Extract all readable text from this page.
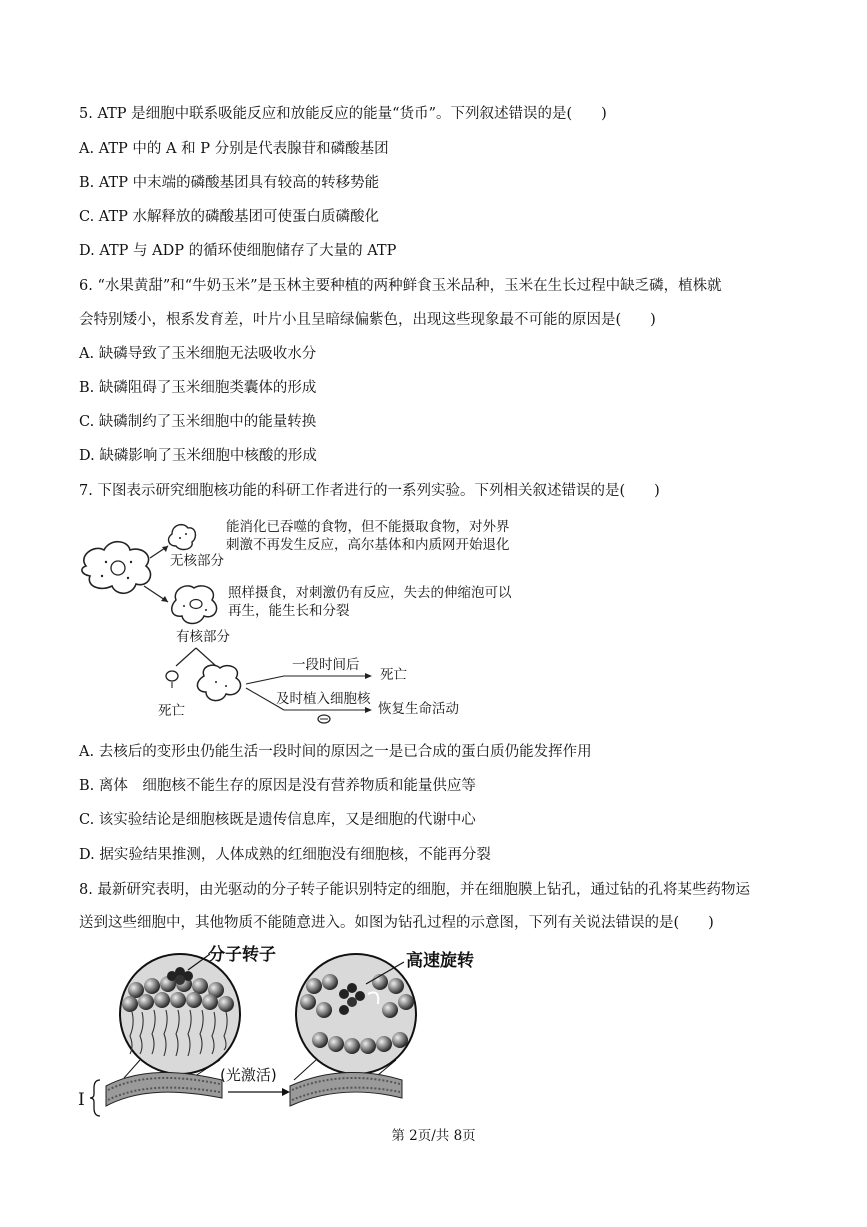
5. ATP 是细胞中联系吸能反应和放能反应的能量“货币”。下列叙述错误的是(　　)
A. ATP 中的 A 和 P 分别是代表腺苷和磷酸基团
B. ATP 中末端的磷酸基团具有较高的转移势能
C. ATP 水解释放的磷酸基团可使蛋白质磷酸化
D. ATP 与 ADP 的循环使细胞储存了大量的 ATP
6. “水果黄甜”和“牛奶玉米”是玉林主要种植的两种鲜食玉米品种，玉米在生长过程中缺乏磷，植株就
会特别矮小，根系发育差，叶片小且呈暗绿偏紫色，出现这些现象最不可能的原因是(　　)
A. 缺磷导致了玉米细胞无法吸收水分
B. 缺磷阻碍了玉米细胞类囊体的形成
C. 缺磷制约了玉米细胞中的能量转换
D. 缺磷影响了玉米细胞中核酸的形成
7. 下图表示研究细胞核功能的科研工作者进行的一系列实验。下列相关叙述错误的是(　　)
能消化已吞噬的食物，但不能摄取食物，对外界
刺激不再发生反应，高尔基体和内质网开始退化
无核部分
照样摄食，对刺激仍有反应，失去的伸缩泡可以
再生，能生长和分裂
有核部分
一段时间后
死亡
及时植入细胞核
恢复生命活动
死亡
A. 去核后的变形虫仍能生活一段时间的原因之一是已合成的蛋白质仍能发挥作用
B. 离体　细胞核不能生存的原因是没有营养物质和能量供应等
C. 该实验结论是细胞核既是遗传信息库，又是细胞的代谢中心
D. 据实验结果推测，人体成熟的红细胞没有细胞核，不能再分裂
8. 最新研究表明，由光驱动的分子转子能识别特定的细胞，并在细胞膜上钻孔，通过钻的孔将某些药物运
送到这些细胞中，其他物质不能随意进入。如图为钻孔过程的示意图，下列有关说法错误的是(　　)
分子转子	高速旋转
(光激活)
I
第 2页/共 8页
